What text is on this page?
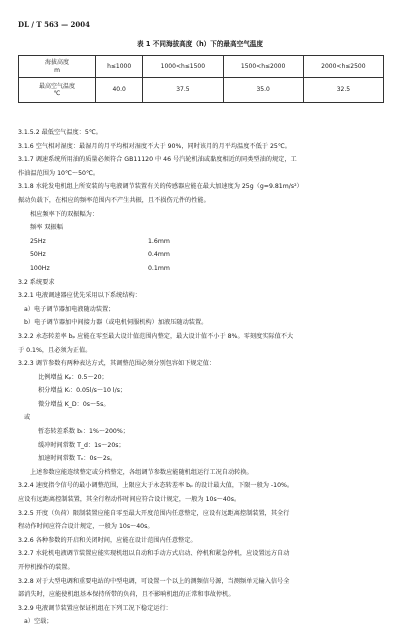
DL / T 563 — 2004
表 1 不同海拔高度（h）下的最高空气温度
海拔高度
m	h≤1000	1000<h≤1500	1500<h≤2000	2000<h≤2500
最高空气温度
℃	40.0	37.5	35.0	32.5
3.1.5.2 最低空气温度：5℃。
3.1.6 空气相对湿度：最湿月的月平均相对湿度不大于 90%，同时该月的月平均温度不低于 25℃。
3.1.7 调速系统所用油的质量必须符合 GB11120 中 46 号汽轮机油或黏度相近的同类型油的规定，工
作油温范围为 10℃～50℃。
3.1.8 水轮发电机组上所安装的与电液调节装置有关的传感器应能在最大加速度为 25g（g=9.81m/s²）
振动负载下，在相应的频率范围内不产生共振，且不损伤元件的性能。
相应频率下的双振幅为：
频率 双振幅
25Hz	1.6mm
50Hz	0.4mm
100Hz	0.1mm
3.2 系统要求
3.2.1 电液调速器应优先采用以下系统结构：
a）电子调节器加电液随动装置；
b）电子调节器加中间接力器（或电机伺服机构）加液压随动装置。
3.2.2 永态转差率 bₚ 应能在零至最大设计值范围内整定，最大设计值不小于 8%。零刻度实际值不大
于 0.1%，且必须为正值。
3.2.3 调节参数有两种表达方式，其调整范围必须分别包容如下规定值：
比例增益 Kₚ：0.5～20；
积分增益 Kᵢ：0.05l/s～10 l/s；
微分增益 K_D：0s～5s。
或
暂态转差系数 bₜ：1%～200%；
缓冲时间常数 T_d：1s～20s；
加速时间常数 Tₙ：0s～2s。
上述参数应能连续整定或分档整定，各组调节参数应能随机组运行工况自动转换。
3.2.4 速度指令信号的最小调整范围，上限应大于永态转差率 bₚ 的设计最大值，下限一般为 -10%。
应设有远距离控制装置，其全行程动作时间应符合设计规定，一般为 10s～40s。
3.2.5 开度（负荷）限制装置应能自零至最大开度范围内任意整定，应设有远距离控制装置，其全行
程动作时间应符合设计规定，一般为 10s～40s。
3.2.6 各种参数的开启和关闭时间，应能在设计范围内任意整定。
3.2.7 水轮机电液调节装置应能实现机组以自动和手动方式启动、停机和紧急停机，应设置远方自动
开停机操作的装置。
3.2.8 对于大型电调和重要电站的中型电调，可设置一个以上的测频信号源，当测频单元输入信号全
部消失时，应能使机组基本保持所带的负荷，且不影响机组的正常和事故停机。
3.2.9 电液调节装置应保证机组在下列工况下稳定运行：
a）空载；
